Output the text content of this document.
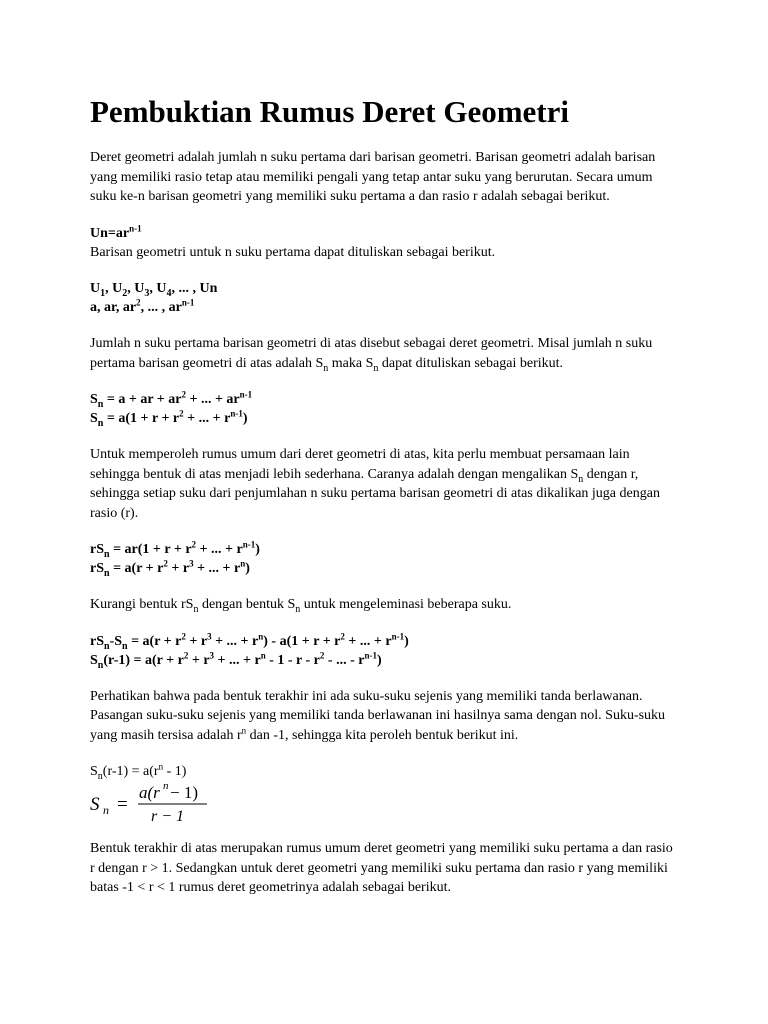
Pembuktian Rumus Deret Geometri

Deret geometri adalah jumlah n suku pertama dari barisan geometri. Barisan geometri adalah barisan yang memiliki rasio tetap atau memiliki pengali yang tetap antar suku yang berurutan. Secara umum suku ke-n barisan geometri yang memiliki suku pertama a dan rasio r adalah sebagai berikut.

$Un=ar^{n-1}$

Barisan geometri untuk n suku pertama dapat dituliskan sebagai berikut.

$U_1$, $U_2$, $U_3$, $U_4$, ... , Un

a, ar, $ar^2$, ... , $ar^{n-1}$

Jumlah n suku pertama barisan geometri di atas disebut sebagai deret geometri. Misal jumlah n suku pertama barisan geometri di atas adalah $S_n$ maka $S_n$ dapat dituliskan sebagai berikut.

$S_n = a$ + ar + $ar^2$ + ... + $ar^{n-1}$

$S_n = a(1 + r + r^2$ + ... + $r^{n-1}$)

Untuk memperoleh rumus umum dari deret geometri di atas, kita perlu membuat persamaan lain sehingga bentuk di atas menjadi lebih sederhana. Caranya adalah dengan mengalikan $S_n$ dengan r, sehingga setiap suku dari penjumlahan n suku pertama barisan geometri di atas dikalikan juga dengan rasio (r).

$rS_n = ar(1 + r + r^2$ + ... + $r^{n-1}$)

$rS_n = a(r + r^2 + r^3$ + ... + $r^n$)

Kurangi bentuk $rS_n$ dengan bentuk $S_n$ untuk mengeleminasi beberapa suku.

$rS_n-S_n = a(r + r^2 + r^3$ + ... + $r^n) - a(1 + r + r^2$ + ... + $r^{n-1}$)

$S_n(r-1) = a(r + r^2 + r^3$ + ... + $r^n - 1$ - r - $r^2$ - ... - $r^{n-1}$)

Perhatikan bahwa pada bentuk terakhir ini ada suku-suku sejenis yang memiliki tanda berlawanan. Pasangan suku-suku sejenis yang memiliki tanda berlawanan ini hasilnya sama dengan nol. Suku-suku yang masih tersisa adalah $r^n$ dan -1, sehingga kita peroleh bentuk berikut ini.

$S_n(r-1) = a(r^n - 1)$

S n =
a(r n − 1)
r − 1

Bentuk terakhir di atas merupakan rumus umum deret geometri yang memiliki suku pertama a dan rasio r dengan r > 1. Sedangkan untuk deret geometri yang memiliki suku pertama dan rasio r yang memiliki batas -1 < r < 1 rumus deret geometrinya adalah sebagai berikut.
